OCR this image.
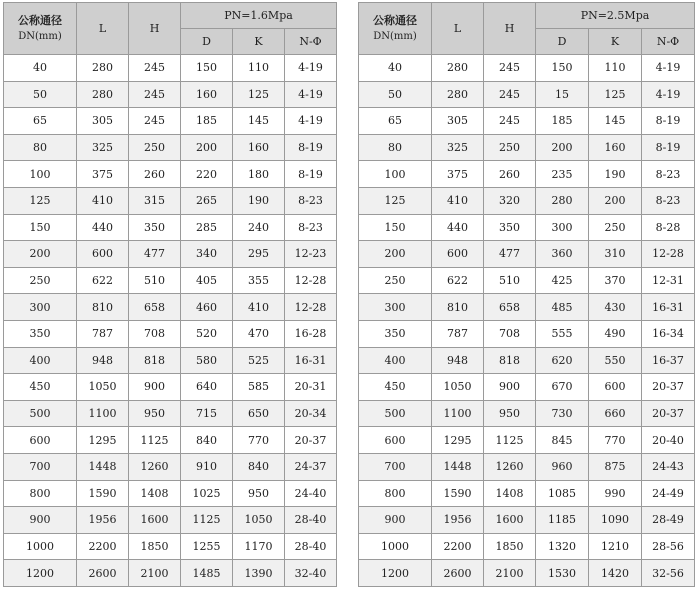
公称通径
DN(mm)	L	H	PN=1.6Mpa		
			D	K	N-Φ
40	280	245	150	110	4-19
50	280	245	160	125	4-19
65	305	245	185	145	4-19
80	325	250	200	160	8-19
100	375	260	220	180	8-19
125	410	315	265	190	8-23
150	440	350	285	240	8-23
200	600	477	340	295	12-23
250	622	510	405	355	12-28
300	810	658	460	410	12-28
350	787	708	520	470	16-28
400	948	818	580	525	16-31
450	1050	900	640	585	20-31
500	1100	950	715	650	20-34
600	1295	1125	840	770	20-37
700	1448	1260	910	840	24-37
800	1590	1408	1025	950	24-40
900	1956	1600	1125	1050	28-40
1000	2200	1850	1255	1170	28-40
1200	2600	2100	1485	1390	32-40
公称通径
DN(mm)	L	H	PN=2.5Mpa		
			D	K	N-Φ
40	280	245	150	110	4-19
50	280	245	15	125	4-19
65	305	245	185	145	8-19
80	325	250	200	160	8-19
100	375	260	235	190	8-23
125	410	320	280	200	8-23
150	440	350	300	250	8-28
200	600	477	360	310	12-28
250	622	510	425	370	12-31
300	810	658	485	430	16-31
350	787	708	555	490	16-34
400	948	818	620	550	16-37
450	1050	900	670	600	20-37
500	1100	950	730	660	20-37
600	1295	1125	845	770	20-40
700	1448	1260	960	875	24-43
800	1590	1408	1085	990	24-49
900	1956	1600	1185	1090	28-49
1000	2200	1850	1320	1210	28-56
1200	2600	2100	1530	1420	32-56
